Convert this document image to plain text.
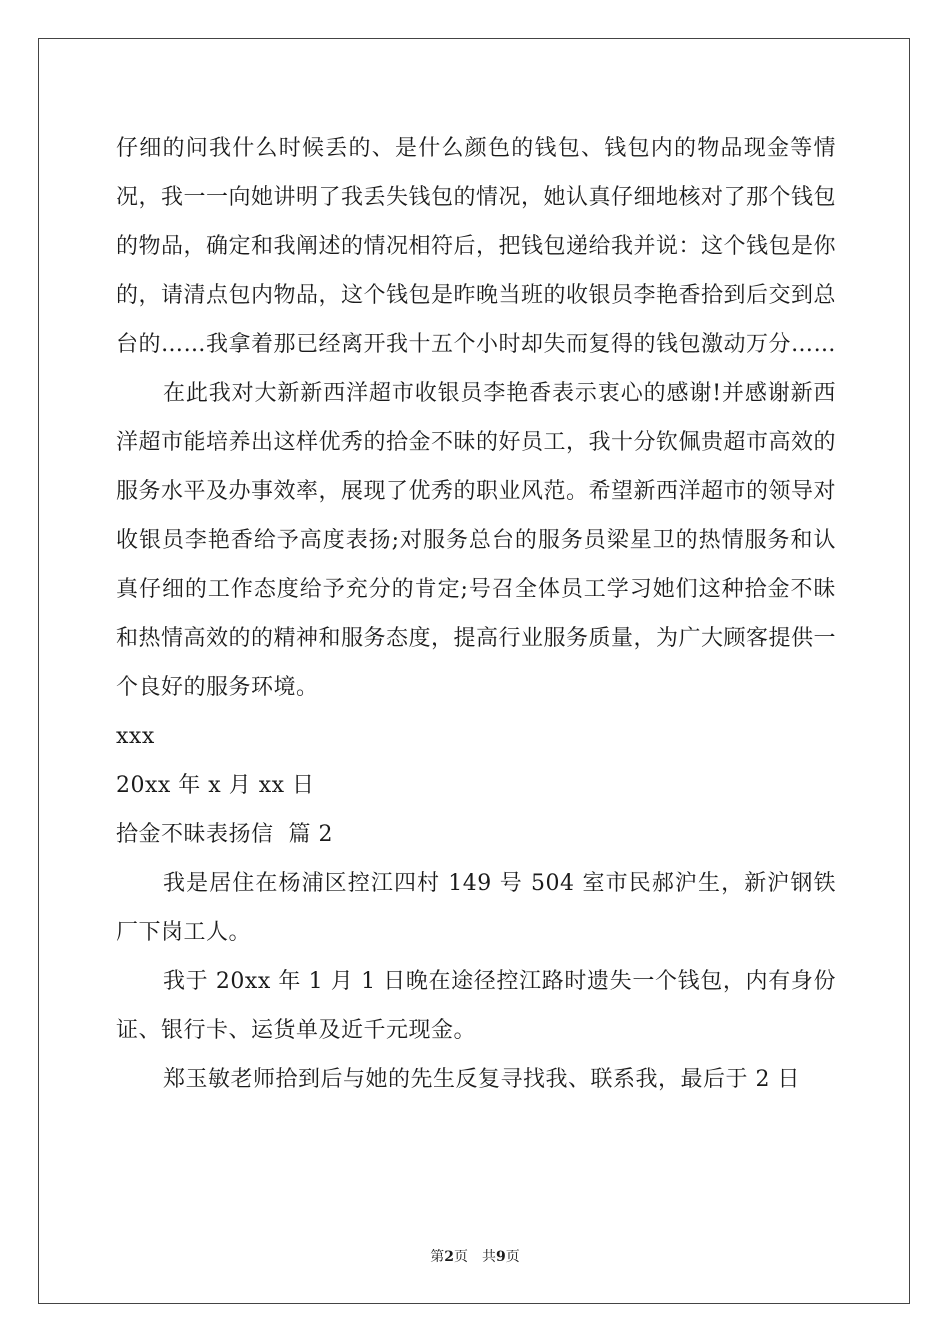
仔细的问我什么时候丢的、是什么颜色的钱包、钱包内的物品现金等情况，我一一向她讲明了我丢失钱包的情况，她认真仔细地核对了那个钱包的物品，确定和我阐述的情况相符后，把钱包递给我并说：这个钱包是你的，请清点包内物品，这个钱包是昨晚当班的收银员李艳香拾到后交到总台的……我拿着那已经离开我十五个小时却失而复得的钱包激动万分……

在此我对大新新西洋超市收银员李艳香表示衷心的感谢!并感谢新西洋超市能培养出这样优秀的拾金不昧的好员工，我十分钦佩贵超市高效的服务水平及办事效率，展现了优秀的职业风范。希望新西洋超市的领导对收银员李艳香给予高度表扬;对服务总台的服务员梁星卫的热情服务和认真仔细的工作态度给予充分的肯定;号召全体员工学习她们这种拾金不昧和热情高效的的精神和服务态度，提高行业服务质量，为广大顾客提供一个良好的服务环境。

xxx

20xx 年 x 月 xx 日

拾金不昧表扬信  篇 2

我是居住在杨浦区控江四村 149 号 504 室市民郝沪生，新沪钢铁厂下岗工人。

我于 20xx 年 1 月 1 日晚在途径控江路时遗失一个钱包，内有身份证、银行卡、运货单及近千元现金。

郑玉敏老师拾到后与她的先生反复寻找我、联系我，最后于 2 日

第2页 共9页
